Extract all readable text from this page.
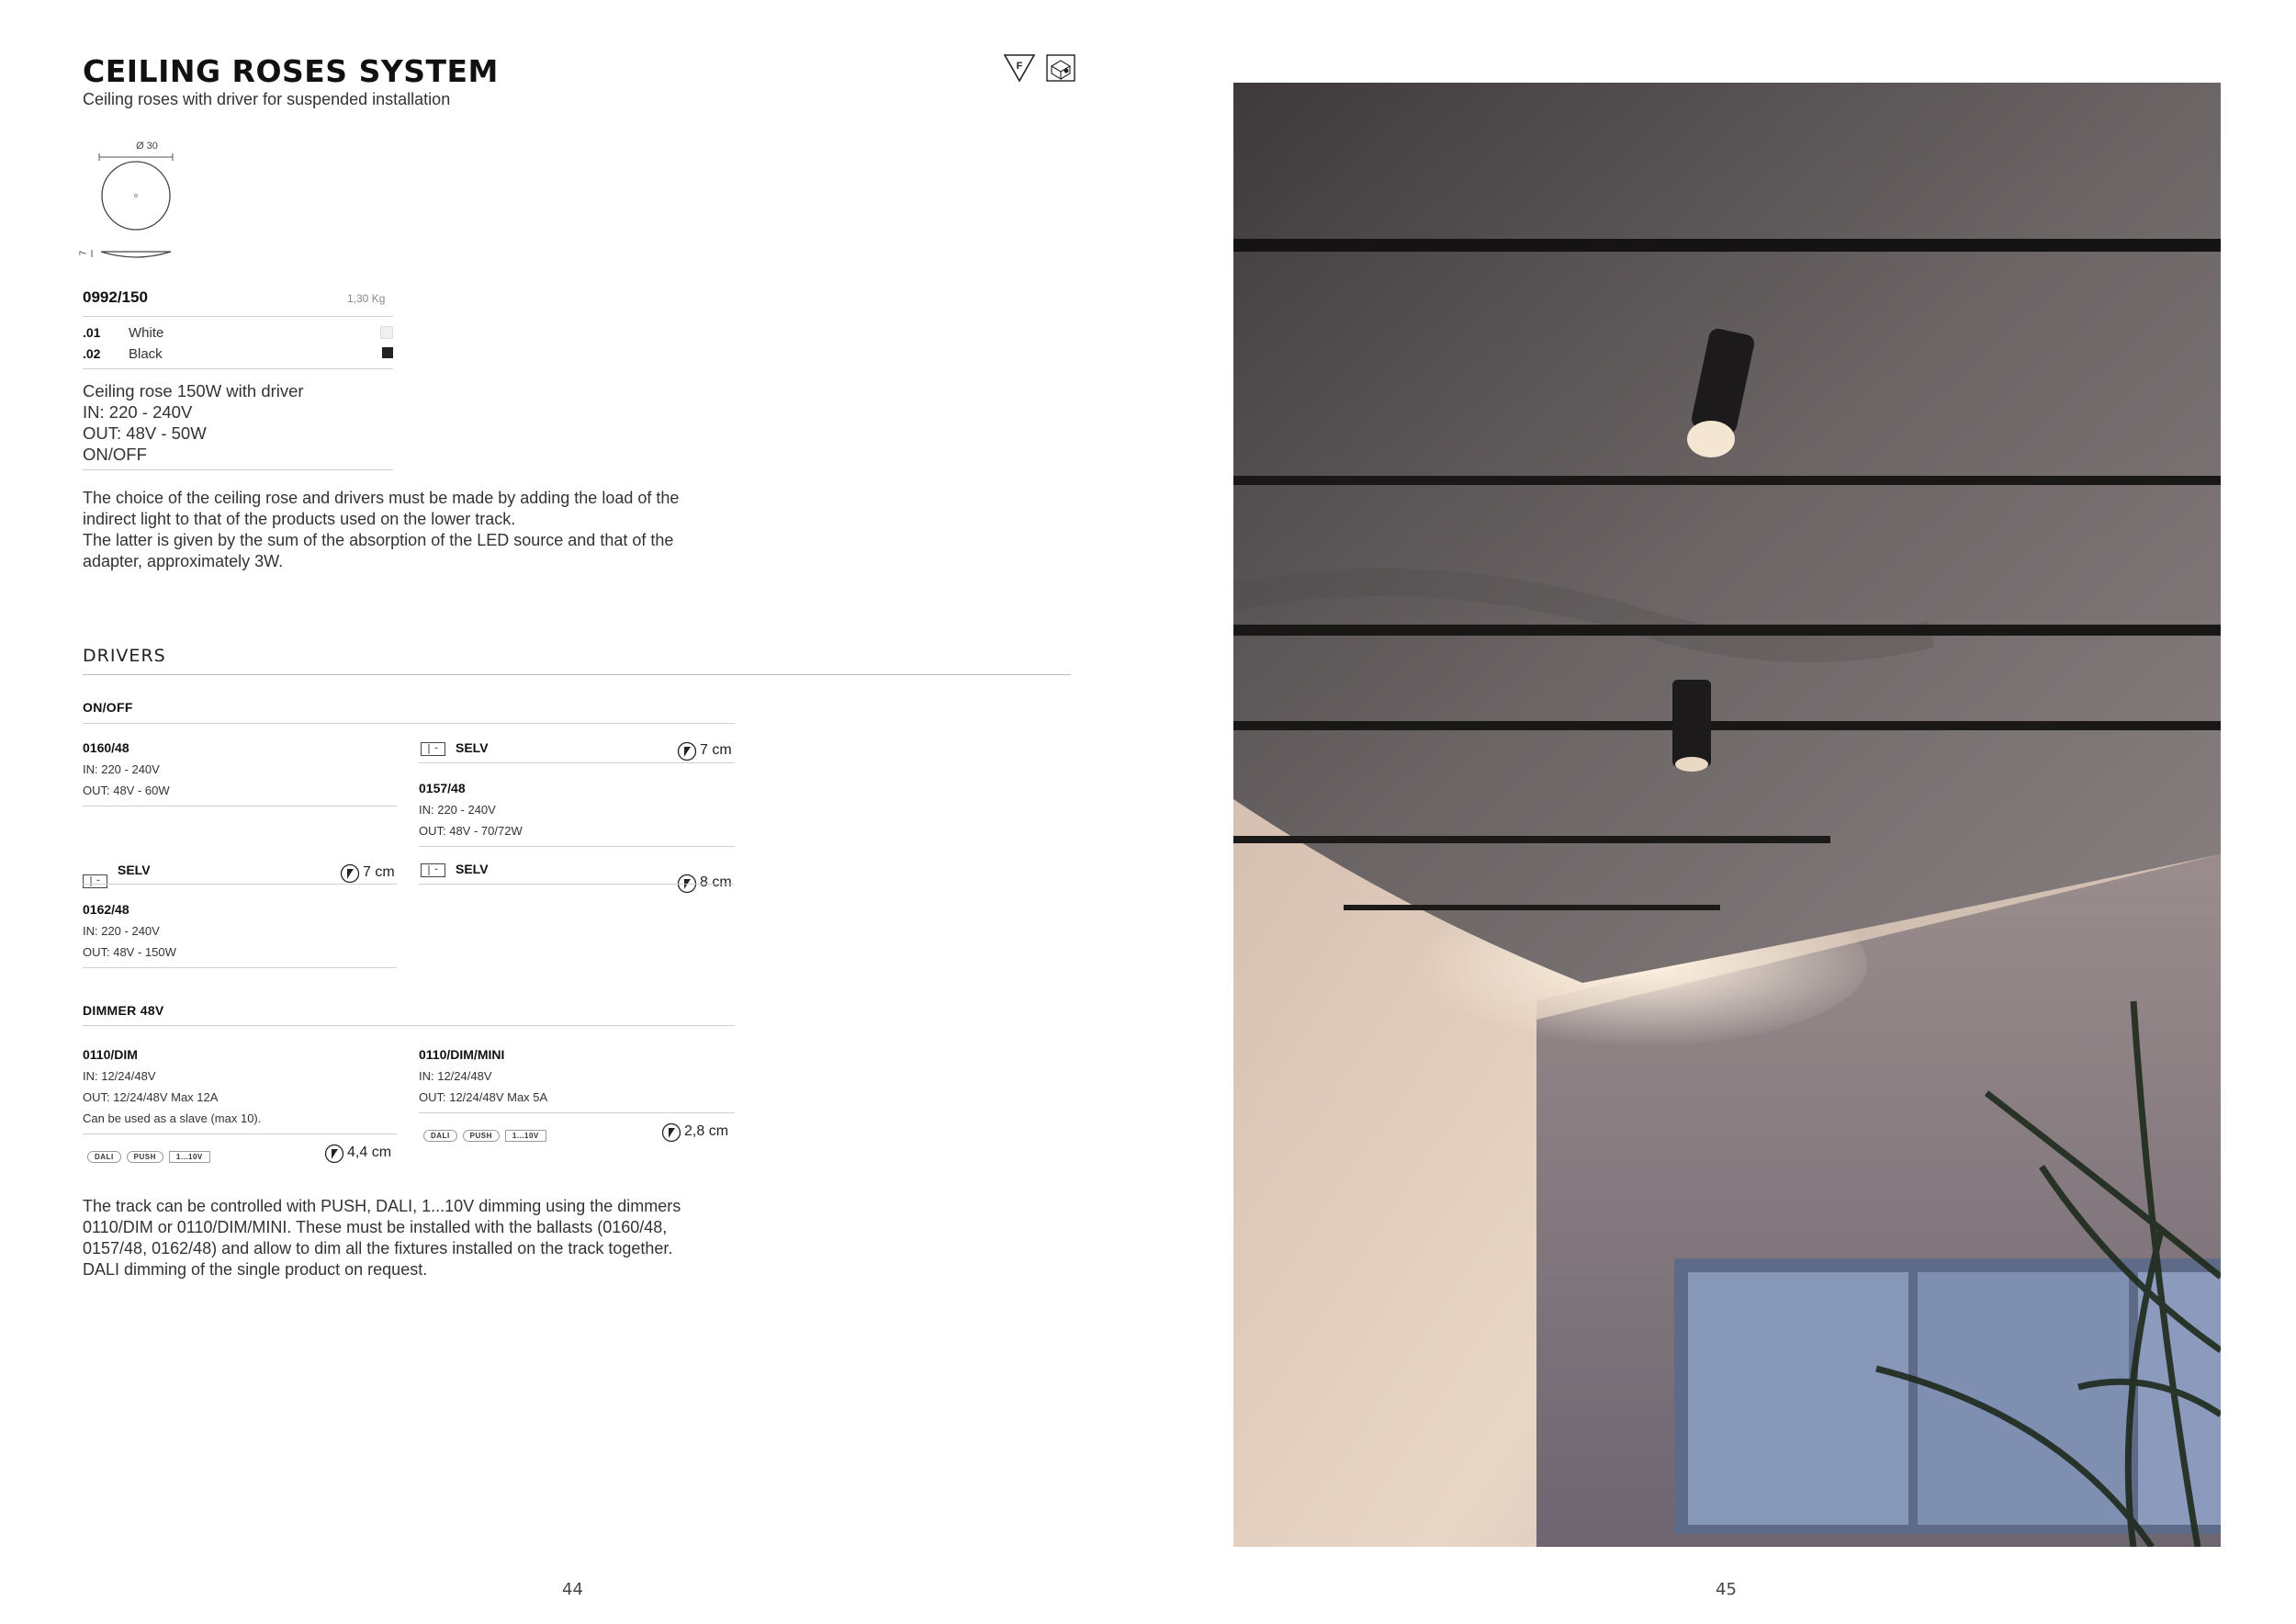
CEILING ROSES SYSTEM
Ceiling roses with driver for suspended installation
F
Ø 30
7
0992/150	1,30 Kg
.01 White
.02 Black
Ceiling rose 150W with driver
IN: 220 - 240V
OUT: 48V - 50W
ON/OFF
The choice of the ceiling rose and drivers must be made by adding the load of the
indirect light to that of the products used on the lower track.
The latter is given by the sum of the absorption of the LED source and that of the
adapter, approximately 3W.
DRIVERS
ON/OFF
0160/48
IN: 220 - 240V
OUT: 48V - 60W
▪▪ SELV	7 cm
0157/48
IN: 220 - 240V
OUT: 48V - 70/72W
▪▪
SELV	7 cm
0162/48
IN: 220 - 240V
OUT: 48V - 150W
▪▪ SELV
8 cm
DIMMER 48V
0110/DIM
IN: 12/24/48V
OUT: 12/24/48V Max 12A
Can be used as a slave (max 10).
DALI	PUSH	1...10V	4,4 cm
0110/DIM/MINI
IN: 12/24/48V
OUT: 12/24/48V Max 5A
DALI	PUSH	1...10V	2,8 cm
The track can be controlled with PUSH, DALI, 1...10V dimming using the dimmers
0110/DIM or 0110/DIM/MINI. These must be installed with the ballasts (0160/48,
0157/48, 0162/48) and allow to dim all the fixtures installed on the track together.
DALI dimming of the single product on request.
44	45
